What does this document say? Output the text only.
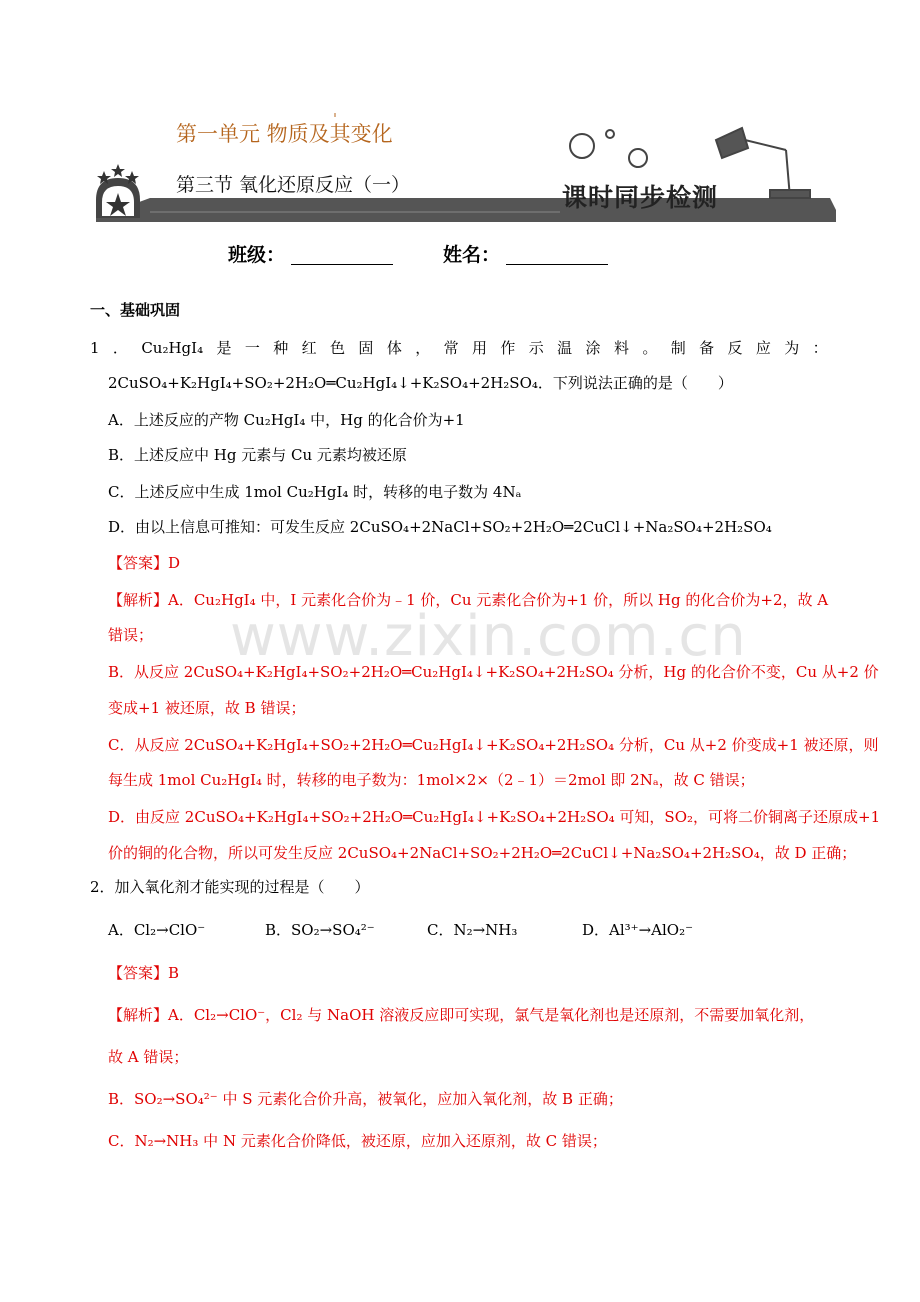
第一单元 物质及其变化
第三节 氧化还原反应（一）	课时同步检测
班级：	姓名：
一、基础巩固
1 ． Cu₂HgI₄ 是 一 种 红 色 固 体 ， 常 用 作 示 温 涂 料 。 制 备 反 应 为 ：
2CuSO₄+K₂HgI₄+SO₂+2H₂O═Cu₂HgI₄↓+K₂SO₄+2H₂SO₄．下列说法正确的是（　　）
A．上述反应的产物 Cu₂HgI₄ 中，Hg 的化合价为+1
B．上述反应中 Hg 元素与 Cu 元素均被还原
C．上述反应中生成 1mol Cu₂HgI₄ 时，转移的电子数为 4Nₐ
D．由以上信息可推知：可发生反应 2CuSO₄+2NaCl+SO₂+2H₂O═2CuCl↓+Na₂SO₄+2H₂SO₄
【答案】D
【解析】A．Cu₂HgI₄ 中，I 元素化合价为﹣1 价，Cu 元素化合价为+1 价，所以 Hg 的化合价为+2，故 A
错误；
B．从反应 2CuSO₄+K₂HgI₄+SO₂+2H₂O═Cu₂HgI₄↓+K₂SO₄+2H₂SO₄ 分析，Hg 的化合价不变，Cu 从+2 价
变成+1 被还原，故 B 错误；
C．从反应 2CuSO₄+K₂HgI₄+SO₂+2H₂O═Cu₂HgI₄↓+K₂SO₄+2H₂SO₄ 分析，Cu 从+2 价变成+1 被还原，则
每生成 1mol Cu₂HgI₄ 时，转移的电子数为：1mol×2×（2﹣1）＝2mol 即 2Nₐ，故 C 错误；
D．由反应 2CuSO₄+K₂HgI₄+SO₂+2H₂O═Cu₂HgI₄↓+K₂SO₄+2H₂SO₄ 可知，SO₂，可将二价铜离子还原成+1
价的铜的化合物，所以可发生反应 2CuSO₄+2NaCl+SO₂+2H₂O═2CuCl↓+Na₂SO₄+2H₂SO₄，故 D 正确；
2．加入氧化剂才能实现的过程是（　　）
A．Cl₂→ClO⁻	B．SO₂→SO₄²⁻	C．N₂→NH₃	D．Al³⁺→AlO₂⁻
【答案】B
【解析】A．Cl₂→ClO⁻，Cl₂ 与 NaOH 溶液反应即可实现，氯气是氧化剂也是还原剂，不需要加氧化剂，
故 A 错误；
B．SO₂→SO₄²⁻ 中 S 元素化合价升高，被氧化，应加入氧化剂，故 B 正确；
C．N₂→NH₃ 中 N 元素化合价降低，被还原，应加入还原剂，故 C 错误；
www.zixin.com.cn
